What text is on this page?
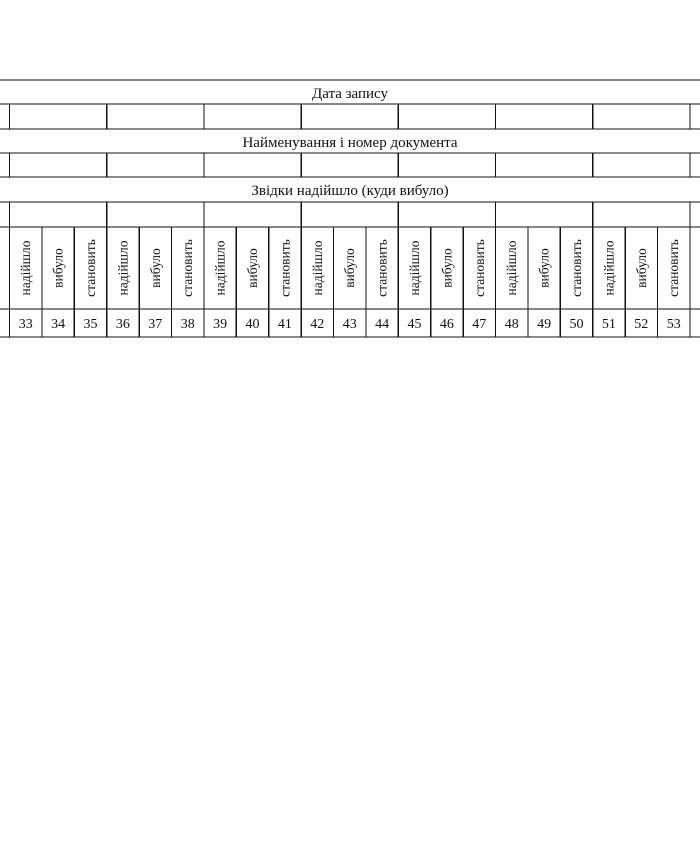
Дата запису
Найменування і номер документа
Звідки надійшло (куди вибуло)
надійшло вибуло становить надійшло вибуло становить надійшло вибуло становить надійшло вибуло становить надійшло вибуло становить надійшло вибуло становить надійшло вибуло становить
33 34 35 36 37 38 39 40 41 42 43 44 45 46 47 48 49 50 51 52 53
